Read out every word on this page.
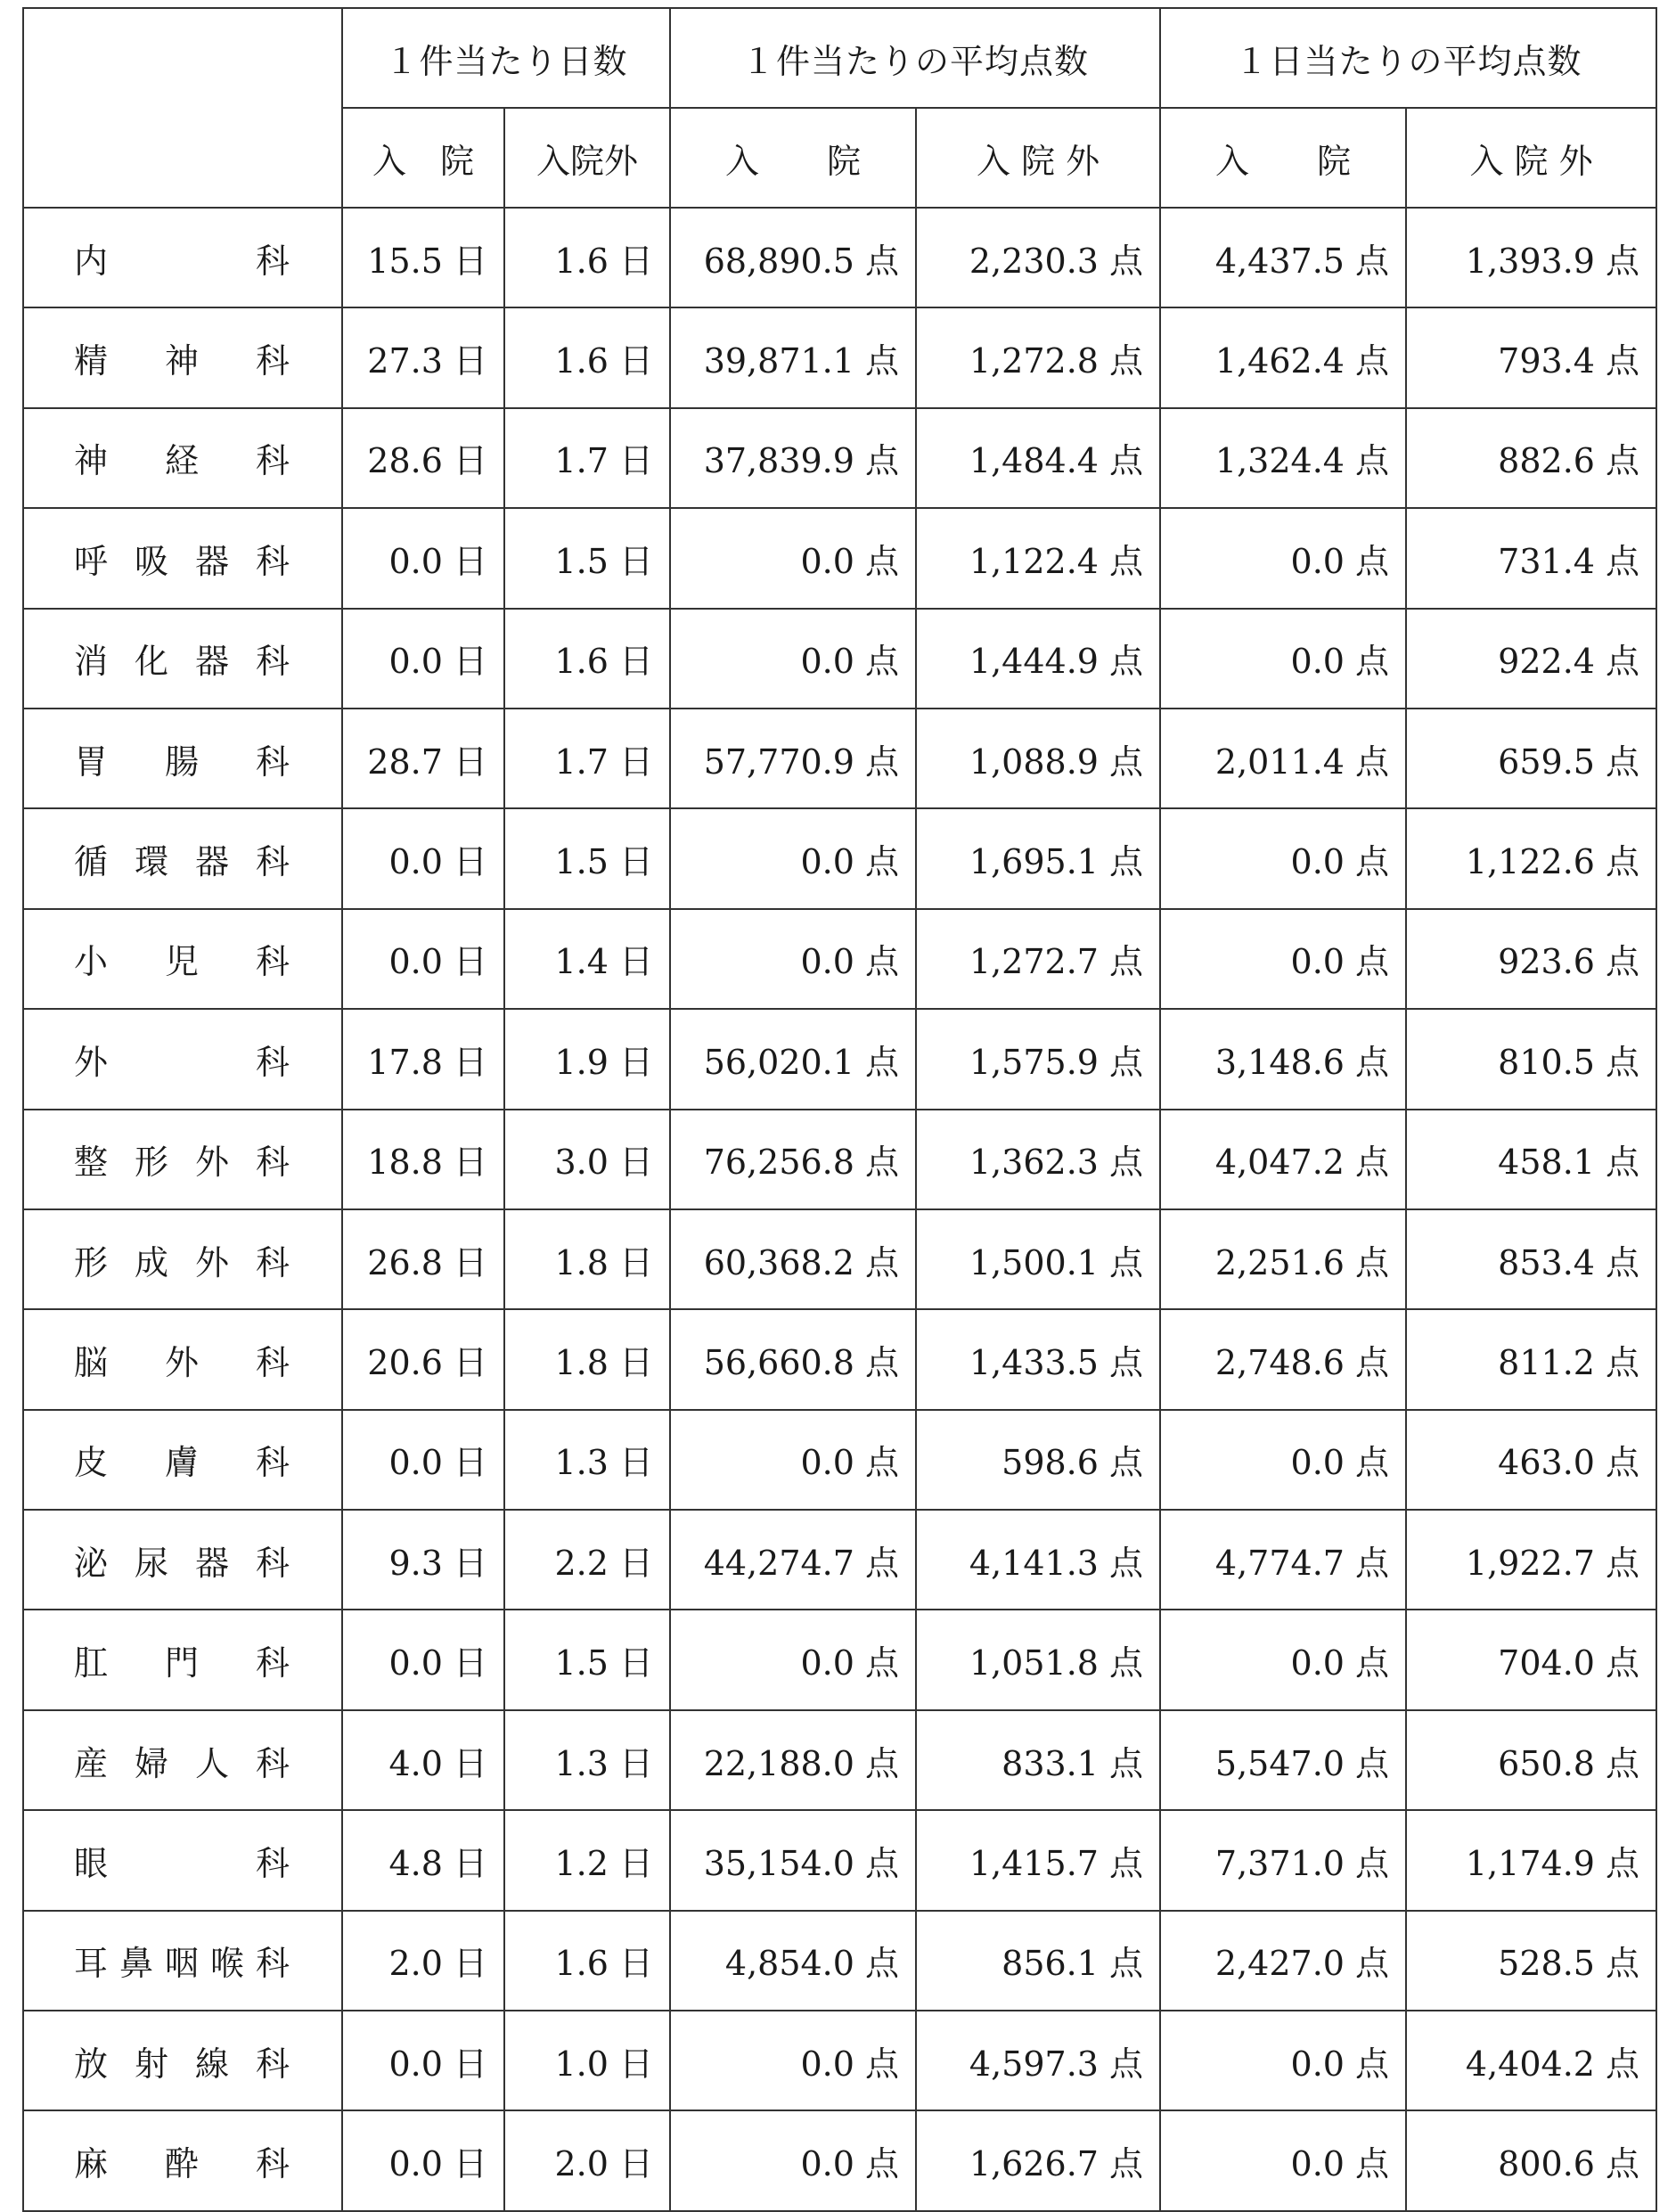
	１件当たり日数		１件当たりの平均点数		１日当たりの平均点数	
	入　院	入院外	入　　院	入 院 外	入　　院	入 院 外
内　科	15.5 日	1.6 日	68,890.5 点	2,230.3 点	4,437.5 点	1,393.9 点
精 神 科	27.3 日	1.6 日	39,871.1 点	1,272.8 点	1,462.4 点	793.4 点
神 経 科	28.6 日	1.7 日	37,839.9 点	1,484.4 点	1,324.4 点	882.6 点
呼 吸 器 科	0.0 日	1.5 日	0.0 点	1,122.4 点	0.0 点	731.4 点
消 化 器 科	0.0 日	1.6 日	0.0 点	1,444.9 点	0.0 点	922.4 点
胃 腸 科	28.7 日	1.7 日	57,770.9 点	1,088.9 点	2,011.4 点	659.5 点
循 環 器 科	0.0 日	1.5 日	0.0 点	1,695.1 点	0.0 点	1,122.6 点
小 児 科	0.0 日	1.4 日	0.0 点	1,272.7 点	0.0 点	923.6 点
外　科	17.8 日	1.9 日	56,020.1 点	1,575.9 点	3,148.6 点	810.5 点
整 形 外 科	18.8 日	3.0 日	76,256.8 点	1,362.3 点	4,047.2 点	458.1 点
形 成 外 科	26.8 日	1.8 日	60,368.2 点	1,500.1 点	2,251.6 点	853.4 点
脳 外 科	20.6 日	1.8 日	56,660.8 点	1,433.5 点	2,748.6 点	811.2 点
皮 膚 科	0.0 日	1.3 日	0.0 点	598.6 点	0.0 点	463.0 点
泌 尿 器 科	9.3 日	2.2 日	44,274.7 点	4,141.3 点	4,774.7 点	1,922.7 点
肛 門 科	0.0 日	1.5 日	0.0 点	1,051.8 点	0.0 点	704.0 点
産 婦 人 科	4.0 日	1.3 日	22,188.0 点	833.1 点	5,547.0 点	650.8 点
眼　科	4.8 日	1.2 日	35,154.0 点	1,415.7 点	7,371.0 点	1,174.9 点
耳鼻咽喉科	2.0 日	1.6 日	4,854.0 点	856.1 点	2,427.0 点	528.5 点
放 射 線 科	0.0 日	1.0 日	0.0 点	4,597.3 点	0.0 点	4,404.2 点
麻 酔 科	0.0 日	2.0 日	0.0 点	1,626.7 点	0.0 点	800.6 点
